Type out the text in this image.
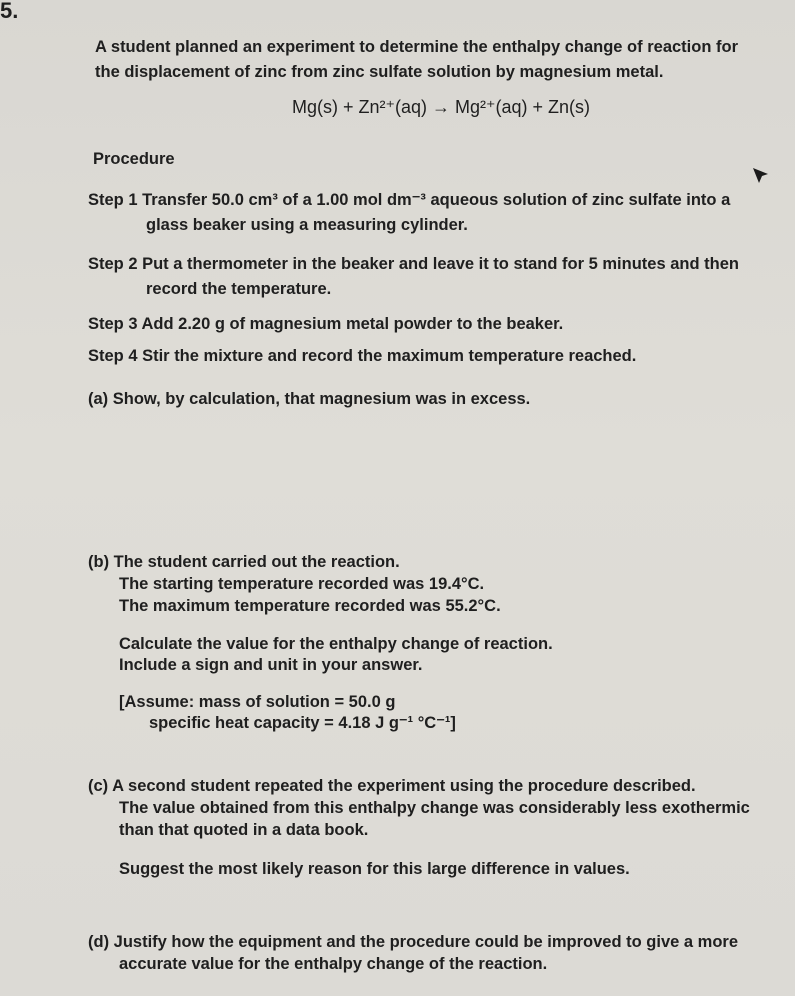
5.
A student planned an experiment to determine the enthalpy change of reaction for
the displacement of zinc from zinc sulfate solution by magnesium metal.
Mg(s) + Zn²⁺(aq) → Mg²⁺(aq) + Zn(s)
Procedure
Step 1 Transfer 50.0 cm³ of a 1.00 mol dm⁻³ aqueous solution of zinc sulfate into a
glass beaker using a measuring cylinder.
Step 2 Put a thermometer in the beaker and leave it to stand for 5 minutes and then
record the temperature.
Step 3 Add 2.20 g of magnesium metal powder to the beaker.
Step 4 Stir the mixture and record the maximum temperature reached.
(a) Show, by calculation, that magnesium was in excess.
(b) The student carried out the reaction.
The starting temperature recorded was 19.4°C.
The maximum temperature recorded was 55.2°C.
Calculate the value for the enthalpy change of reaction.
Include a sign and unit in your answer.
[Assume: mass of solution = 50.0 g
specific heat capacity = 4.18 J g⁻¹ °C⁻¹]
(c) A second student repeated the experiment using the procedure described.
The value obtained from this enthalpy change was considerably less exothermic
than that quoted in a data book.
Suggest the most likely reason for this large difference in values.
(d) Justify how the equipment and the procedure could be improved to give a more
accurate value for the enthalpy change of the reaction.
